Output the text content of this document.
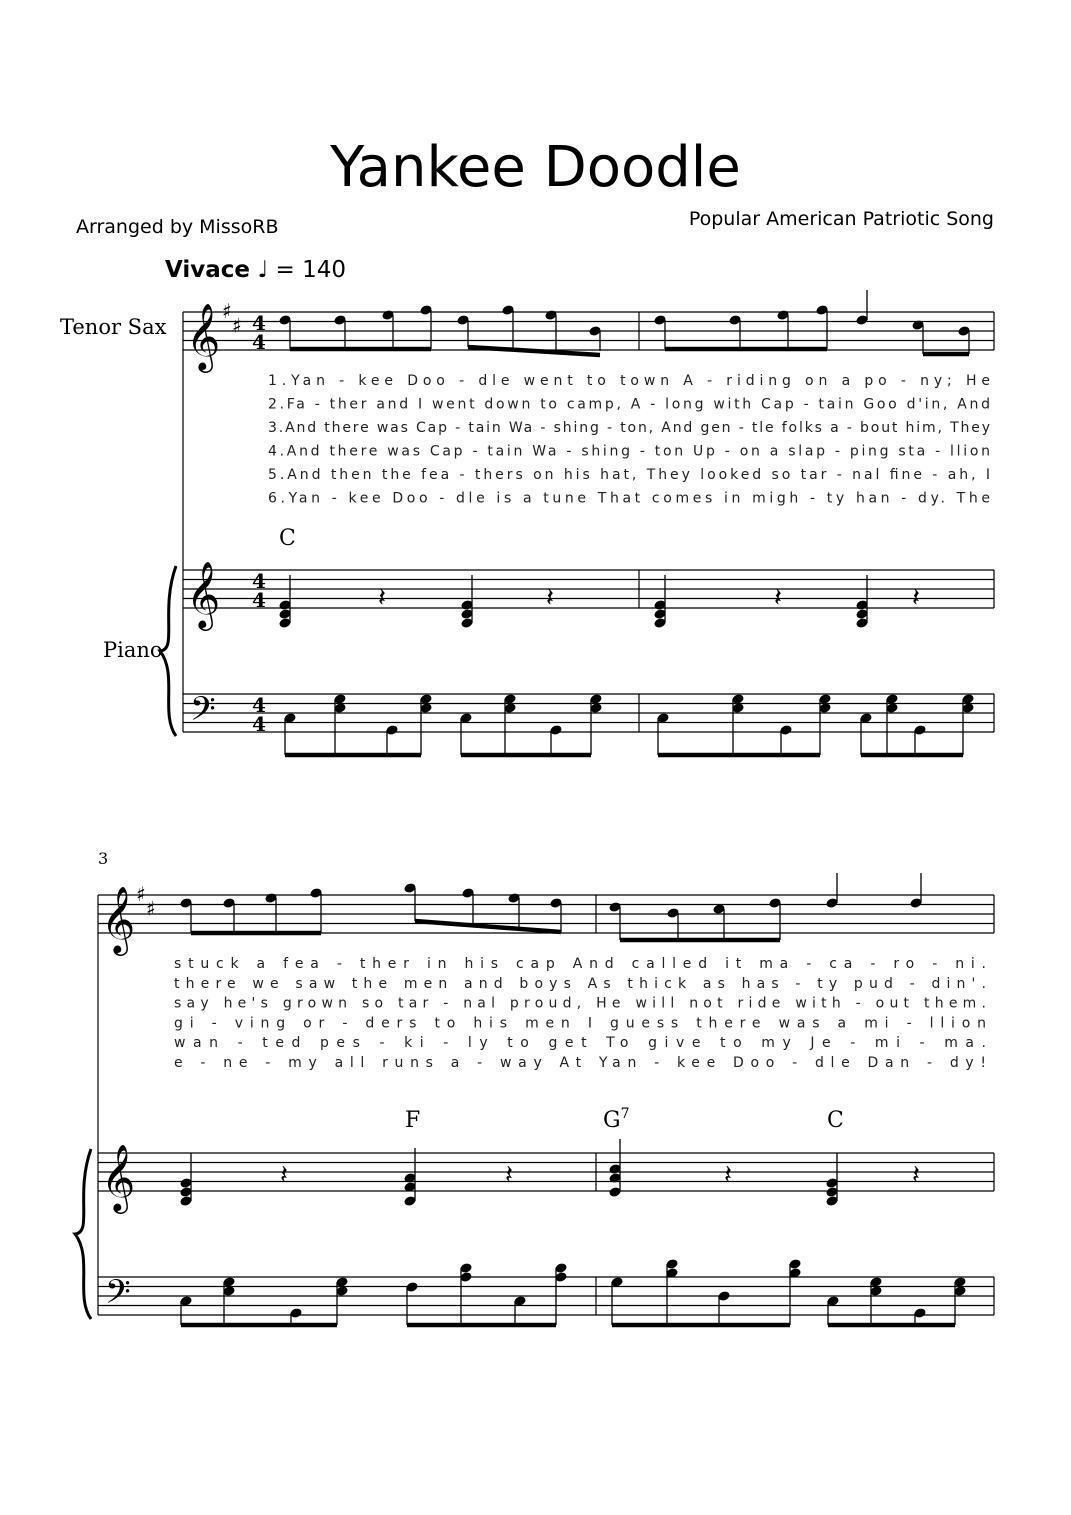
Yankee Doodle
Arranged by MissoRB	Popular American Patriotic Song
Vivace ♩ = 140
Tenor Sax
Piano
𝄞
𝄞
𝄢
♯
♯ 4
4
4
4
4
4
𝄞
𝄞
𝄢
♯
♯
𝄽	𝄽	𝄽	𝄽
𝄽	𝄽	𝄽	𝄽
1.Yan - kee Doo - dle went to town A - riding on a po - ny; He
2.Fa - ther and I went down to camp, A - long with Cap - tain Goo d'in, And
3.And there was Cap - tain Wa - shing - ton, And gen - tle folks a - bout him, They
4.And there was Cap - tain Wa - shing - ton Up - on a slap - ping sta - llion
5.And then the fea - thers on his hat, They looked so tar - nal fine - ah, I
6.Yan - kee Doo - dle is a tune That comes in migh - ty han - dy. The
stuck a fea - ther in his cap And called it ma - ca - ro - ni.
there we saw the men and boys As thick as has - ty pud - din'.
say he's grown so tar - nal proud, He will not ride with - out them.
gi - ving or - ders to his men I guess there was a mi - llion
wan - ted pes - ki - ly to get To give to my Je - mi - ma.
e - ne - my all runs a - way At Yan - kee Doo - dle Dan - dy!
C
F	$G^7$	C
3
